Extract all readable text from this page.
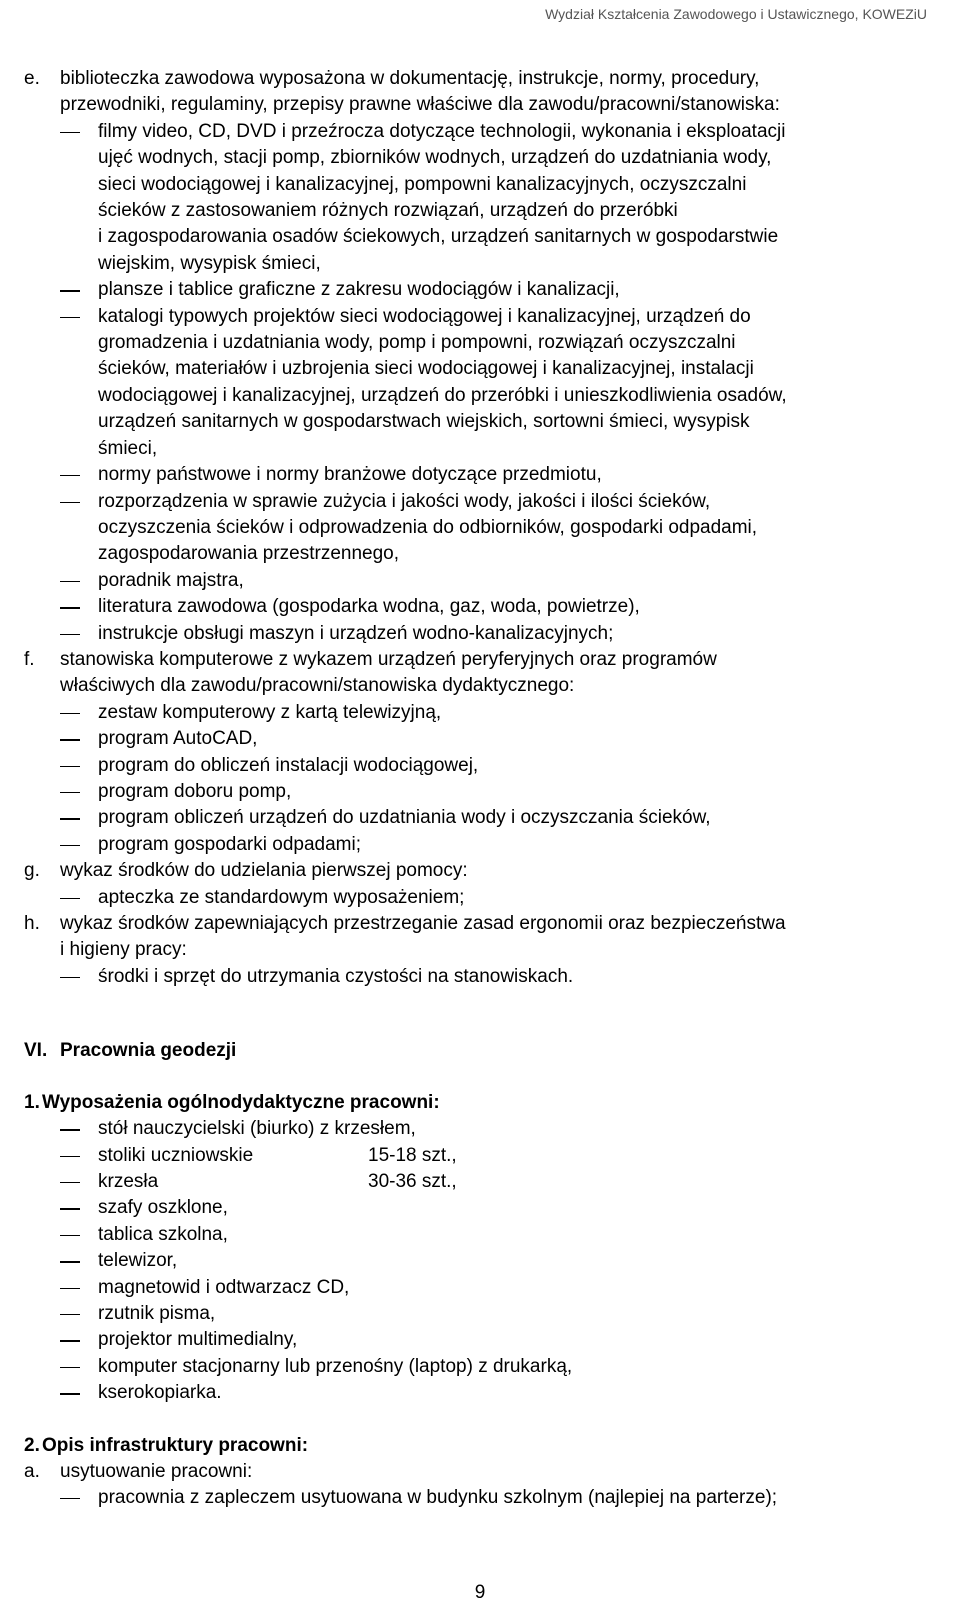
Wydział Kształcenia Zawodowego i Ustawicznego, KOWEZiU
e. biblioteczka zawodowa wyposażona w dokumentację, instrukcje, normy, procedury,
przewodniki, regulaminy, przepisy prawne właściwe dla zawodu/pracowni/stanowiska:
filmy video, CD, DVD i przeźrocza dotyczące technologii, wykonania i eksploatacji
ujęć wodnych, stacji pomp, zbiorników wodnych, urządzeń do uzdatniania wody,
sieci wodociągowej i kanalizacyjnej, pompowni kanalizacyjnych, oczyszczalni
ścieków z zastosowaniem różnych rozwiązań, urządzeń do przeróbki
i zagospodarowania osadów ściekowych, urządzeń sanitarnych w gospodarstwie
wiejskim, wysypisk śmieci,
plansze i tablice graficzne z zakresu wodociągów i kanalizacji,
katalogi typowych projektów sieci wodociągowej i kanalizacyjnej, urządzeń do
gromadzenia i uzdatniania wody, pomp i pompowni, rozwiązań oczyszczalni
ścieków, materiałów i uzbrojenia sieci wodociągowej i kanalizacyjnej, instalacji
wodociągowej i kanalizacyjnej, urządzeń do przeróbki i unieszkodliwienia osadów,
urządzeń sanitarnych w gospodarstwach wiejskich, sortowni śmieci, wysypisk
śmieci,
normy państwowe i normy branżowe dotyczące przedmiotu,
rozporządzenia w sprawie zużycia i jakości wody, jakości i ilości ścieków,
oczyszczenia ścieków i odprowadzenia do odbiorników, gospodarki odpadami,
zagospodarowania przestrzennego,
poradnik majstra,
literatura zawodowa (gospodarka wodna, gaz, woda, powietrze),
instrukcje obsługi maszyn i urządzeń wodno-kanalizacyjnych;
f. stanowiska komputerowe z wykazem urządzeń peryferyjnych oraz programów
właściwych dla zawodu/pracowni/stanowiska dydaktycznego:
zestaw komputerowy z kartą telewizyjną,
program AutoCAD,
program do obliczeń instalacji wodociągowej,
program doboru pomp,
program obliczeń urządzeń do uzdatniania wody i oczyszczania ścieków,
program gospodarki odpadami;
g. wykaz środków do udzielania pierwszej pomocy:
apteczka ze standardowym wyposażeniem;
h. wykaz środków zapewniających przestrzeganie zasad ergonomii oraz bezpieczeństwa
i higieny pracy:
środki i sprzęt do utrzymania czystości na stanowiskach.
VI. Pracownia geodezji
1. Wyposażenia ogólnodydaktyczne pracowni:
stół nauczycielski (biurko) z krzesłem,
stoliki uczniowskie	15-18 szt.,
krzesła	30-36 szt.,
szafy oszklone,
tablica szkolna,
telewizor,
magnetowid i odtwarzacz CD,
rzutnik pisma,
projektor multimedialny,
komputer stacjonarny lub przenośny (laptop) z drukarką,
kserokopiarka.
2. Opis infrastruktury pracowni:
a. usytuowanie pracowni:
pracownia z zapleczem usytuowana w budynku szkolnym (najlepiej na parterze);
9
